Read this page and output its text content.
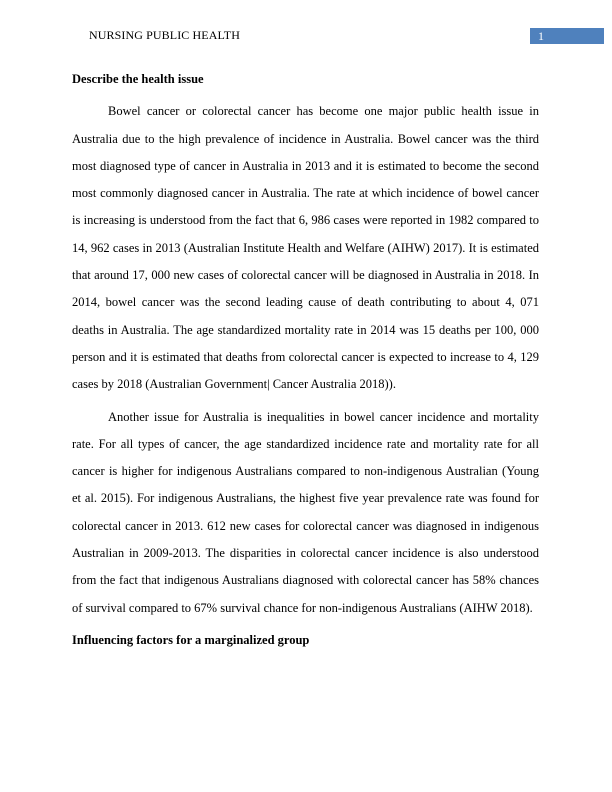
NURSING PUBLIC HEALTH	1
Describe the health issue

Bowel cancer or colorectal cancer has become one major public health issue in Australia due to the high prevalence of incidence in Australia. Bowel cancer was the third most diagnosed type of cancer in Australia in 2013 and it is estimated to become the second most commonly diagnosed cancer in Australia. The rate at which incidence of bowel cancer is increasing is understood from the fact that 6, 986 cases were reported in 1982 compared to 14, 962 cases in 2013 (Australian Institute Health and Welfare (AIHW) 2017). It is estimated that around 17, 000 new cases of colorectal cancer will be diagnosed in Australia in 2018. In 2014, bowel cancer was the second leading cause of death contributing to about 4, 071 deaths in Australia. The age standardized mortality rate in 2014 was 15 deaths per 100, 000 person and it is estimated that deaths from colorectal cancer is expected to increase to 4, 129 cases by 2018 (Australian Government| Cancer Australia 2018)).

Another issue for Australia is inequalities in bowel cancer incidence and mortality rate. For all types of cancer, the age standardized incidence rate and mortality rate for all cancer is higher for indigenous Australians compared to non-indigenous Australian (Young et al. 2015). For indigenous Australians, the highest five year prevalence rate was found for colorectal cancer in 2013. 612 new cases for colorectal cancer was diagnosed in indigenous Australian in 2009-2013. The disparities in colorectal cancer incidence is also understood from the fact that indigenous Australians diagnosed with colorectal cancer has 58% chances of survival compared to 67% survival chance for non-indigenous Australians (AIHW 2018).

Influencing factors for a marginalized group
